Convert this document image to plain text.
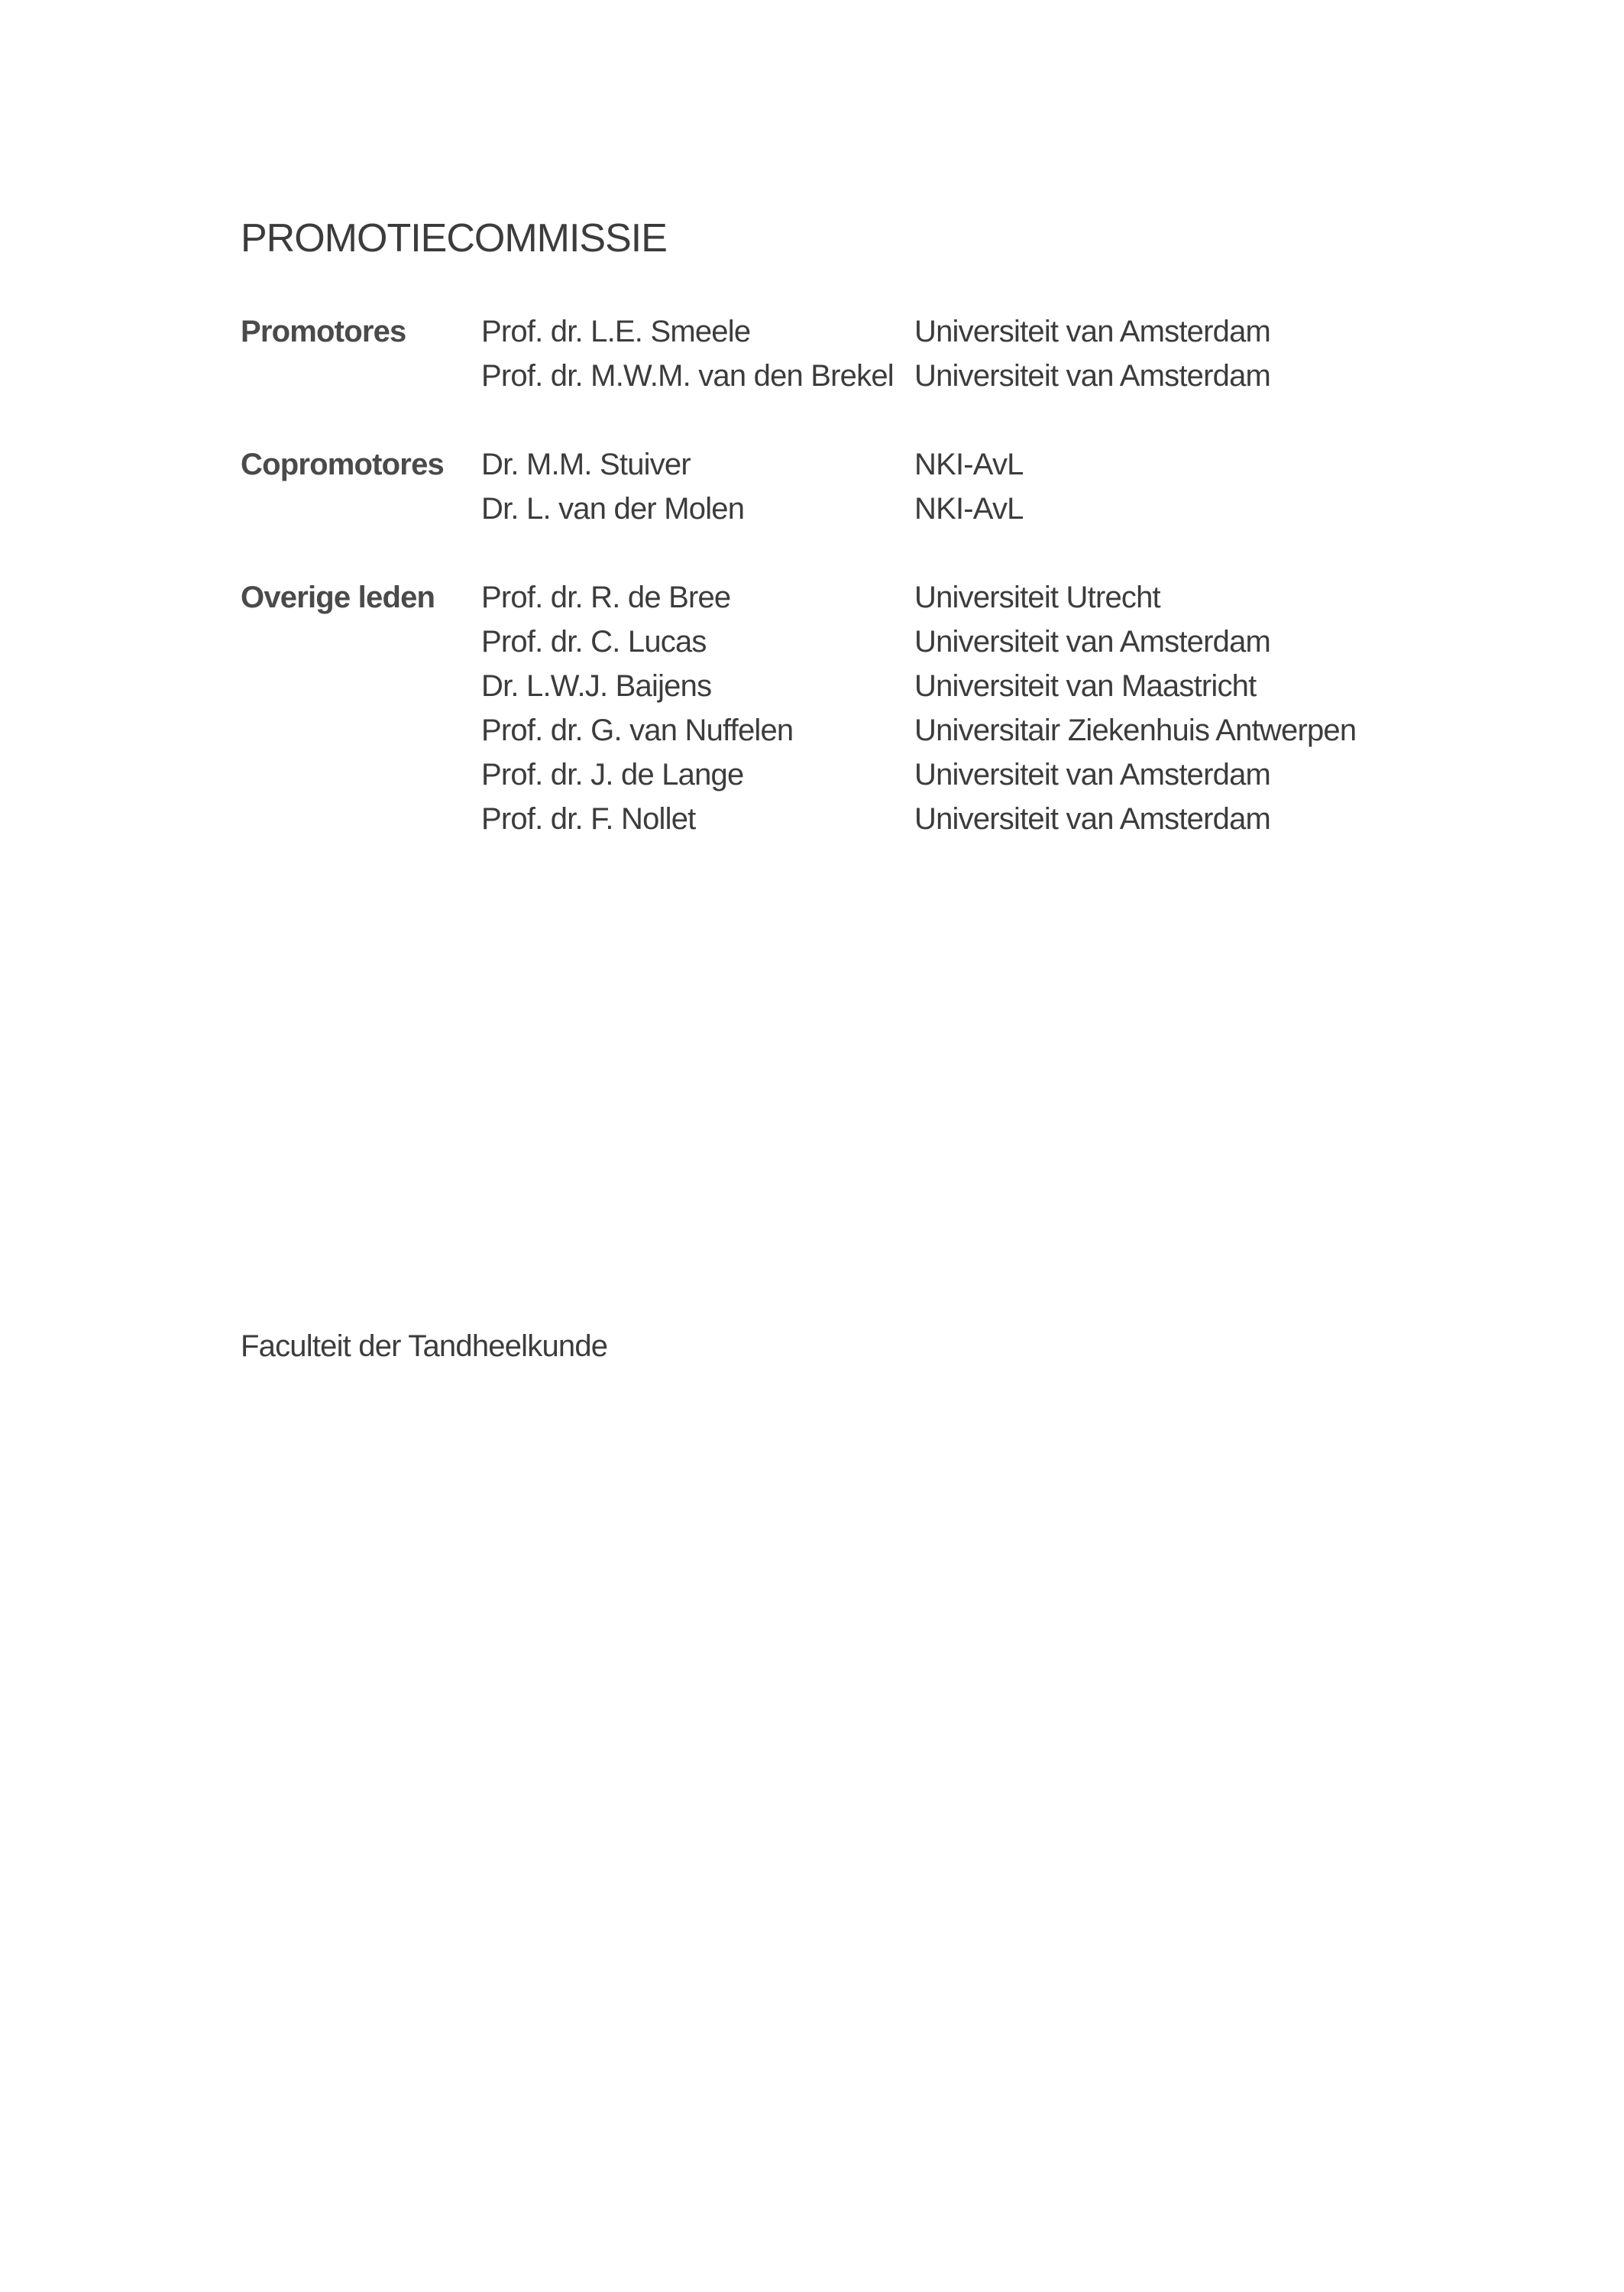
PROMOTIECOMMISSIE
Promotores	Prof. dr. L.E. Smeele	Universiteit van Amsterdam
Prof. dr. M.W.M. van den Brekel Universiteit van Amsterdam
Copromotores	Dr. M.M. Stuiver	NKI-AvL
Dr. L. van der Molen	NKI-AvL
Overige leden	Prof. dr. R. de Bree	Universiteit Utrecht
Prof. dr. C. Lucas	Universiteit van Amsterdam
Dr. L.W.J. Baijens	Universiteit van Maastricht
Prof. dr. G. van Nuffelen	Universitair Ziekenhuis Antwerpen
Prof. dr. J. de Lange	Universiteit van Amsterdam
Prof. dr. F. Nollet	Universiteit van Amsterdam

Faculteit der Tandheelkunde
